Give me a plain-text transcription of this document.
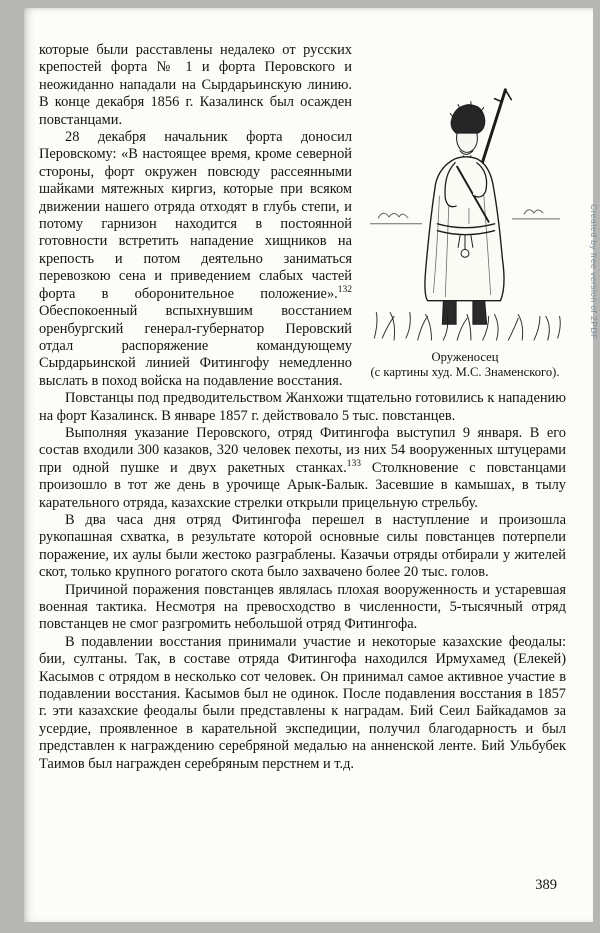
Оруженосец
(с картины худ. М.С. Знаменского).

которые были расставлены недалеко от русских крепостей форта № 1 и форта Перовского и неожиданно нападали на Сырдарьинскую линию. В конце декабря 1856 г. Казалинск был осажден повстанцами.

28 декабря начальник форта доносил Перовскому: «В настоящее время, кроме северной стороны, форт окружен повсюду рассеянными шайками мятежных киргиз, которые при всяком движении нашего отряда отходят в глубь степи, и потому гарнизон находится в постоянной готовности встретить нападение хищников на крепость и потом деятельно заниматься перевозкою сена и приведением слабых частей форта в оборонительное положение».$^{132}$ Обеспокоенный вспыхнувшим восстанием оренбургский генерал-губернатор Перовский отдал распоряжение командующему Сырдарьинской линией Фитингофу немедленно выслать в поход войска на подавление восстания.

Повстанцы под предводительством Жанхожи тщательно готовились к нападению на форт Казалинск. В январе 1857 г. действовало 5 тыс. повстанцев.

Выполняя указание Перовского, отряд Фитингофа выступил 9 января. В его состав входили 300 казаков, 320 человек пехоты, из них 54 вооруженных штуцерами при одной пушке и двух ракетных станках.$^{133}$ Столкновение с повстанцами произошло в тот же день в урочище Арык-Балык. Засевшие в камышах, в тылу карательного отряда, казахские стрелки открыли прицельную стрельбу.

В два часа дня отряд Фитингофа перешел в наступление и произошла рукопашная схватка, в результате которой основные силы повстанцев потерпели поражение, их аулы были жестоко разграблены. Казачьи отряды отбирали у жителей скот, только крупного рогатого скота было захвачено более 20 тыс. голов.

Причиной поражения повстанцев являлась плохая вооруженность и устаревшая военная тактика. Несмотря на превосходство в численности, 5-тысячный отряд повстанцев не смог разгромить небольшой отряд Фитингофа.

В подавлении восстания принимали участие и некоторые казахские феодалы: бии, султаны. Так, в составе отряда Фитингофа находился Ирмухамед (Елекей) Касымов с отрядом в несколько сот человек. Он принимал самое активное участие в подавлении восстания. Касымов был не одинок. После подавления восстания в 1857 г. эти казахские феодалы были представлены к наградам. Бий Сеил Байкадамов за усердие, проявленное в карательной экспедиции, получил благодарность и был представлен к награждению серебряной медалью на анненской ленте. Бий Ульбубек Таимов был награжден серебряным перстнем и т.д.

389
Created by free version of 2PDF
